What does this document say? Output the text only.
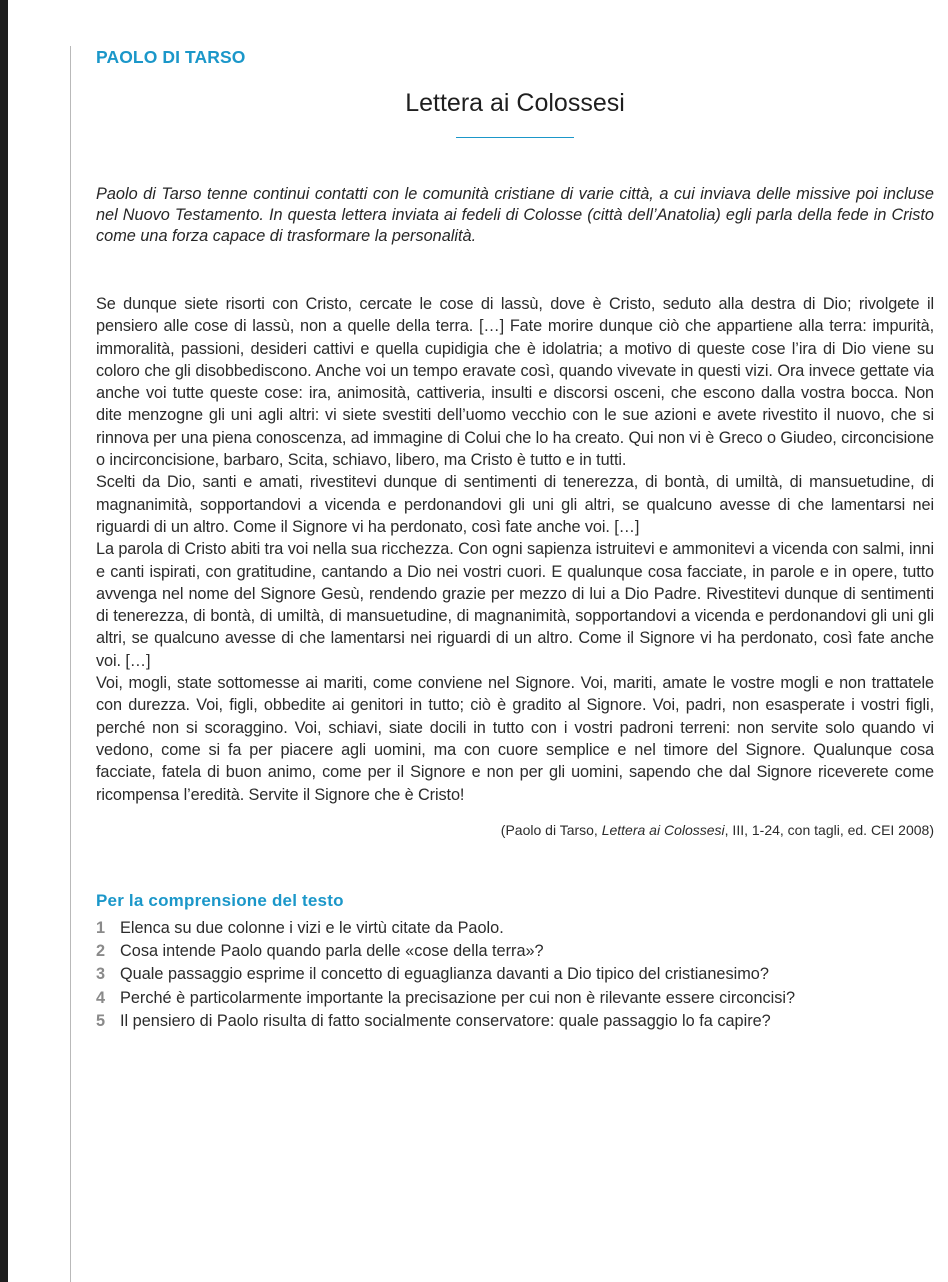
PAOLO DI TARSO
Lettera ai Colossesi

Paolo di Tarso tenne continui contatti con le comunità cristiane di varie città, a cui inviava delle missive poi incluse nel Nuovo Testamento. In questa lettera inviata ai fedeli di Colosse (città dell’Anatolia) egli parla della fede in Cristo come una forza capace di trasformare la personalità.

Se dunque siete risorti con Cristo, cercate le cose di lassù, dove è Cristo, seduto alla destra di Dio; rivolgete il pensiero alle cose di lassù, non a quelle della terra. […] Fate morire dunque ciò che appartiene alla terra: impurità, immoralità, passioni, desideri cattivi e quella cupidigia che è idolatria; a motivo di queste cose l’ira di Dio viene su coloro che gli disobbediscono. Anche voi un tempo eravate così, quando vivevate in questi vizi. Ora invece gettate via anche voi tutte queste cose: ira, animosità, cattiveria, insulti e discorsi osceni, che escono dalla vostra bocca. Non dite menzogne gli uni agli altri: vi siete svestiti dell’uomo vecchio con le sue azioni e avete rivestito il nuovo, che si rinnova per una piena conoscenza, ad immagine di Colui che lo ha creato. Qui non vi è Greco o Giudeo, circoncisione o incirconcisione, barbaro, Scita, schiavo, libero, ma Cristo è tutto e in tutti.

Scelti da Dio, santi e amati, rivestitevi dunque di sentimenti di tenerezza, di bontà, di umiltà, di mansuetudine, di magnanimità, sopportandovi a vicenda e perdonandovi gli uni gli altri, se qualcuno avesse di che lamentarsi nei riguardi di un altro. Come il Signore vi ha perdonato, così fate anche voi. […]

La parola di Cristo abiti tra voi nella sua ricchezza. Con ogni sapienza istruitevi e ammonitevi a vicenda con salmi, inni e canti ispirati, con gratitudine, cantando a Dio nei vostri cuori. E qualunque cosa facciate, in parole e in opere, tutto avvenga nel nome del Signore Gesù, rendendo grazie per mezzo di lui a Dio Padre. Rivestitevi dunque di sentimenti di tenerezza, di bontà, di umiltà, di mansuetudine, di magnanimità, sopportandovi a vicenda e perdonandovi gli uni gli altri, se qualcuno avesse di che lamentarsi nei riguardi di un altro. Come il Signore vi ha perdonato, così fate anche voi. […]

Voi, mogli, state sottomesse ai mariti, come conviene nel Signore. Voi, mariti, amate le vostre mogli e non trattatele con durezza. Voi, figli, obbedite ai genitori in tutto; ciò è gradito al Signore. Voi, padri, non esasperate i vostri figli, perché non si scoraggino. Voi, schiavi, siate docili in tutto con i vostri padroni terreni: non servite solo quando vi vedono, come si fa per piacere agli uomini, ma con cuore semplice e nel timore del Signore. Qualunque cosa facciate, fatela di buon animo, come per il Signore e non per gli uomini, sapendo che dal Signore riceverete come ricompensa l’eredità. Servite il Signore che è Cristo!

(Paolo di Tarso, Lettera ai Colossesi, III, 1-24, con tagli, ed. CEI 2008)
Per la comprensione del testo
1 Elenca su due colonne i vizi e le virtù citate da Paolo.
2 Cosa intende Paolo quando parla delle «cose della terra»?
3 Quale passaggio esprime il concetto di eguaglianza davanti a Dio tipico del cristianesimo?
4 Perché è particolarmente importante la precisazione per cui non è rilevante essere circoncisi?
5 Il pensiero di Paolo risulta di fatto socialmente conservatore: quale passaggio lo fa capire?
